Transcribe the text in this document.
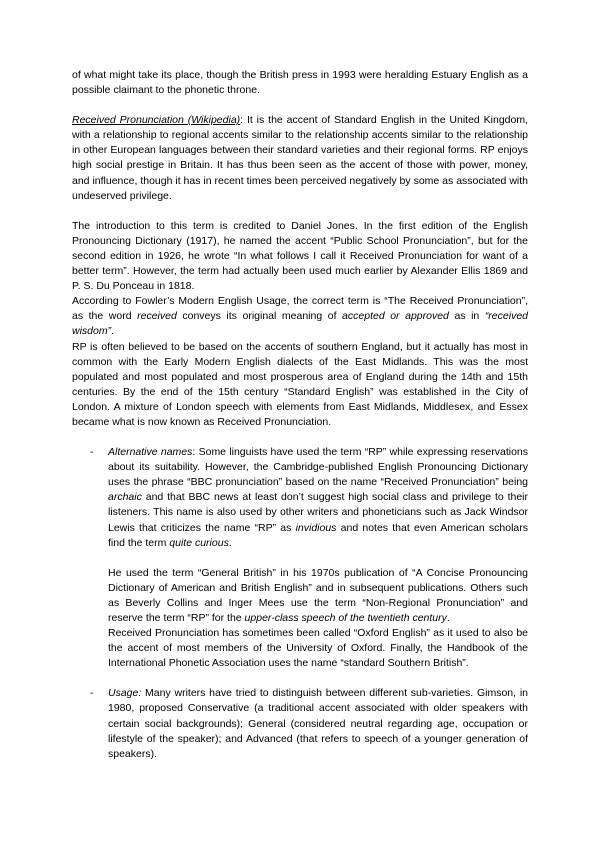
of what might take its place, though the British press in 1993 were heralding Estuary English as a possible claimant to the phonetic throne.

Received Pronunciation (Wikipedia): It is the accent of Standard English in the United Kingdom, with a relationship to regional accents similar to the relationship accents similar to the relationship in other European languages between their standard varieties and their regional forms. RP enjoys high social prestige in Britain. It has thus been seen as the accent of those with power, money, and influence, though it has in recent times been perceived negatively by some as associated with undeserved privilege.

The introduction to this term is credited to Daniel Jones. In the first edition of the English Pronouncing Dictionary (1917), he named the accent “Public School Pronunciation”, but for the second edition in 1926, he wrote “In what follows I call it Received Pronunciation for want of a better term”. However, the term had actually been used much earlier by Alexander Ellis 1869 and P. S. Du Ponceau in 1818.

According to Fowler’s Modern English Usage, the correct term is “The Received Pronunciation”, as the word received conveys its original meaning of accepted or approved as in “received wisdom”.

RP is often believed to be based on the accents of southern England, but it actually has most in common with the Early Modern English dialects of the East Midlands. This was the most populated and most populated and most prosperous area of England during the 14th and 15th centuries. By the end of the 15th century “Standard English” was established in the City of London. A mixture of London speech with elements from East Midlands, Middlesex, and Essex became what is now known as Received Pronunciation.

- Alternative names: Some linguists have used the term “RP” while expressing reservations about its suitability. However, the Cambridge-published English Pronouncing Dictionary uses the phrase “BBC pronunciation” based on the name “Received Pronunciation” being archaic and that BBC news at least don’t suggest high social class and privilege to their listeners. This name is also used by other writers and phoneticians such as Jack Windsor Lewis that criticizes the name “RP” as invidious and notes that even American scholars find the term quite curious.

He used the term “General British” in his 1970s publication of “A Concise Pronouncing Dictionary of American and British English” and in subsequent publications. Others such as Beverly Collins and Inger Mees use the term “Non-Regional Pronunciation” and reserve the term “RP” for the upper-class speech of the twentieth century.

Received Pronunciation has sometimes been called “Oxford English” as it used to also be the accent of most members of the University of Oxford. Finally, the Handbook of the International Phonetic Association uses the name “standard Southern British”.

- Usage: Many writers have tried to distinguish between different sub-varieties. Gimson, in 1980, proposed Conservative (a traditional accent associated with older speakers with certain social backgrounds); General (considered neutral regarding age, occupation or lifestyle of the speaker); and Advanced (that refers to speech of a younger generation of speakers).
